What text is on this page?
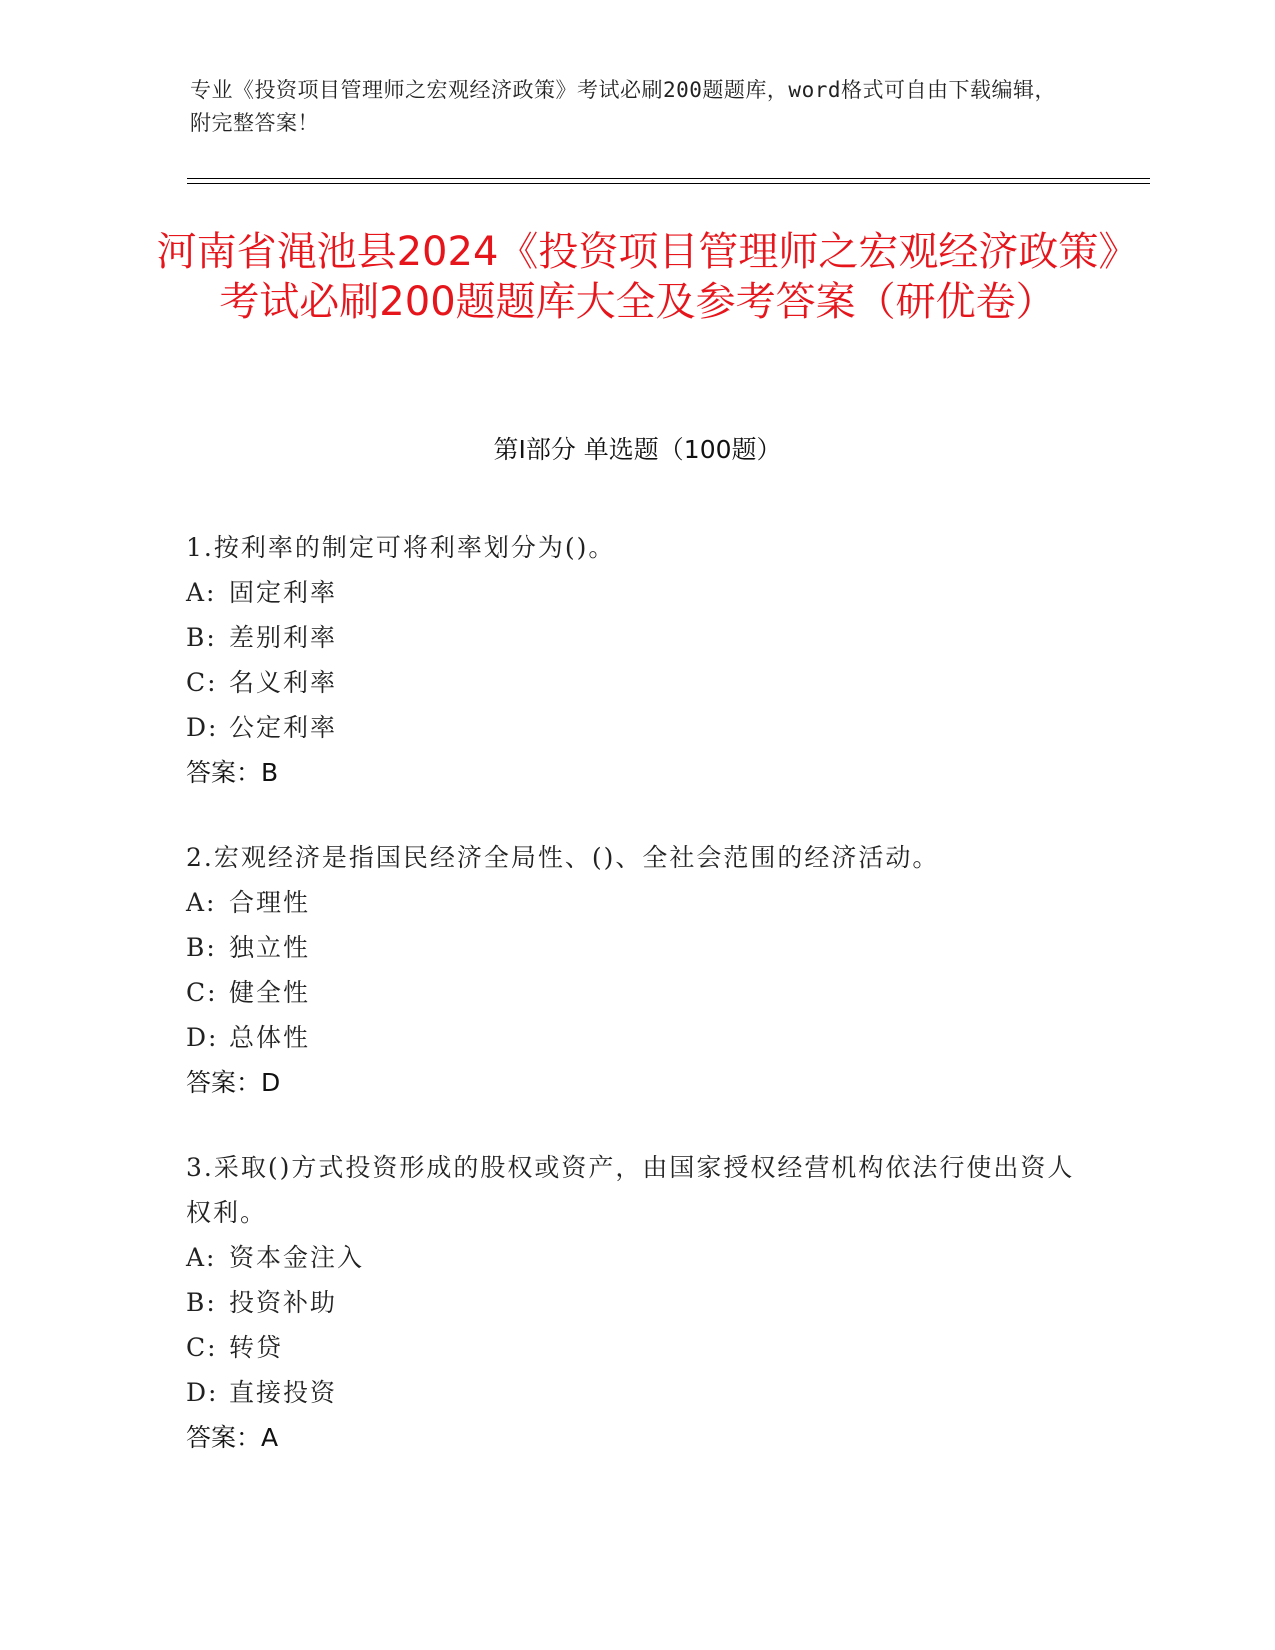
专业《投资项目管理师之宏观经济政策》考试必刷200题题库，word格式可自由下载编辑，附完整答案！
河南省渑池县2024《投资项目管理师之宏观经济政策》考试必刷200题题库大全及参考答案（研优卷）
第I部分 单选题（100题）
1.按利率的制定可将利率划分为()。
A: 固定利率
B: 差别利率
C: 名义利率
D: 公定利率
答案：B
2.宏观经济是指国民经济全局性、()、全社会范围的经济活动。
A: 合理性
B: 独立性
C: 健全性
D: 总体性
答案：D
3.采取()方式投资形成的股权或资产，由国家授权经营机构依法行使出资人权利。
A: 资本金注入
B: 投资补助
C: 转贷
D: 直接投资
答案：A
